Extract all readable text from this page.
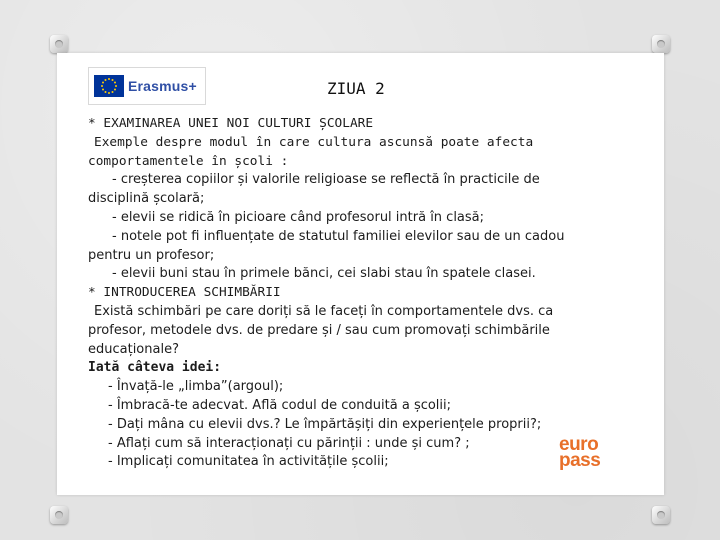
Erasmus+	ZIUA 2
* EXAMINAREA UNEI NOI CULTURI ȘCOLARE
Exemple despre modul în care cultura ascunsă poate afecta
comportamentele în școli :
- creșterea copiilor și valorile religioase se reflectă în practicile de
disciplină școlară;
- elevii se ridică în picioare când profesorul intră în clasă;
- notele pot fi influențate de statutul familiei elevilor sau de un cadou
pentru un profesor;
- elevii buni stau în primele bănci, cei slabi stau în spatele clasei.
* INTRODUCEREA SCHIMBĂRII
Există schimbări pe care doriți să le faceți în comportamentele dvs. ca
profesor, metodele dvs. de predare și / sau cum promovați schimbările
educaționale?
Iată câteva idei:
- Învață-le „limba”(argoul);
- Îmbracă-te adecvat. Află codul de conduită a școlii;
- Dați mâna cu elevii dvs.? Le împărtășiți din experiențele proprii?;
- Aflați cum să interacționați cu părinții : unde și cum? ;
- Implicați comunitatea în activitățile școlii;
euro
pass
